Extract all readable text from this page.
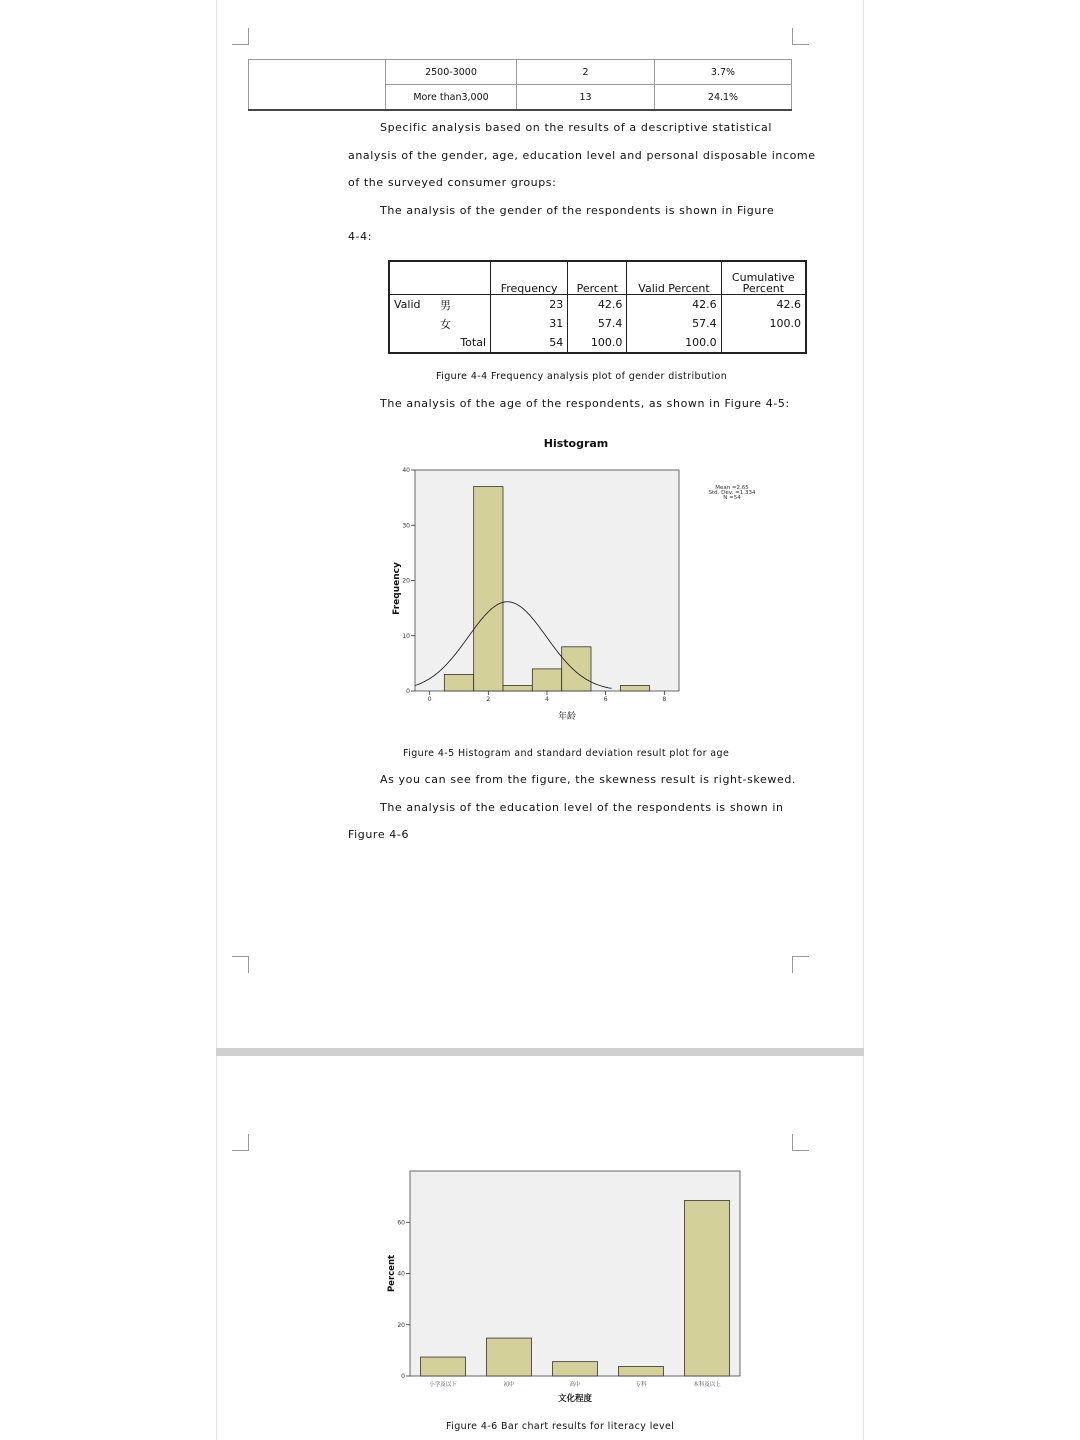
	2500-3000	2	3.7%
	More than3,000	13	24.1%
Specific analysis based on the results of a descriptive statistical
analysis of the gender, age, education level and personal disposable income
of the surveyed consumer groups:
The analysis of the gender of the respondents is shown in Figure
4-4:
		Frequency	Percent	Valid Percent	Cumulative
Percent
Valid	男	23	42.6	42.6	42.6
	女	31	57.4	57.4	100.0
	Total	54	100.0	100.0	
Figure 4-4 Frequency analysis plot of gender distribution
The analysis of the age of the respondents, as shown in Figure 4-5:
Histogram
0
10
20
30
40
0	2	4	6	8
年龄
Frequency
Mean =2.65
Std. Dev. =1.334
N =54
Figure 4-5 Histogram and standard deviation result plot for age
As you can see from the figure, the skewness result is right-skewed.
The analysis of the education level of the respondents is shown in
Figure 4-6
小学及以下	初中	高中	专科	本科及以上
0
20
40
60
文化程度
Percent
Figure 4-6 Bar chart results for literacy level
